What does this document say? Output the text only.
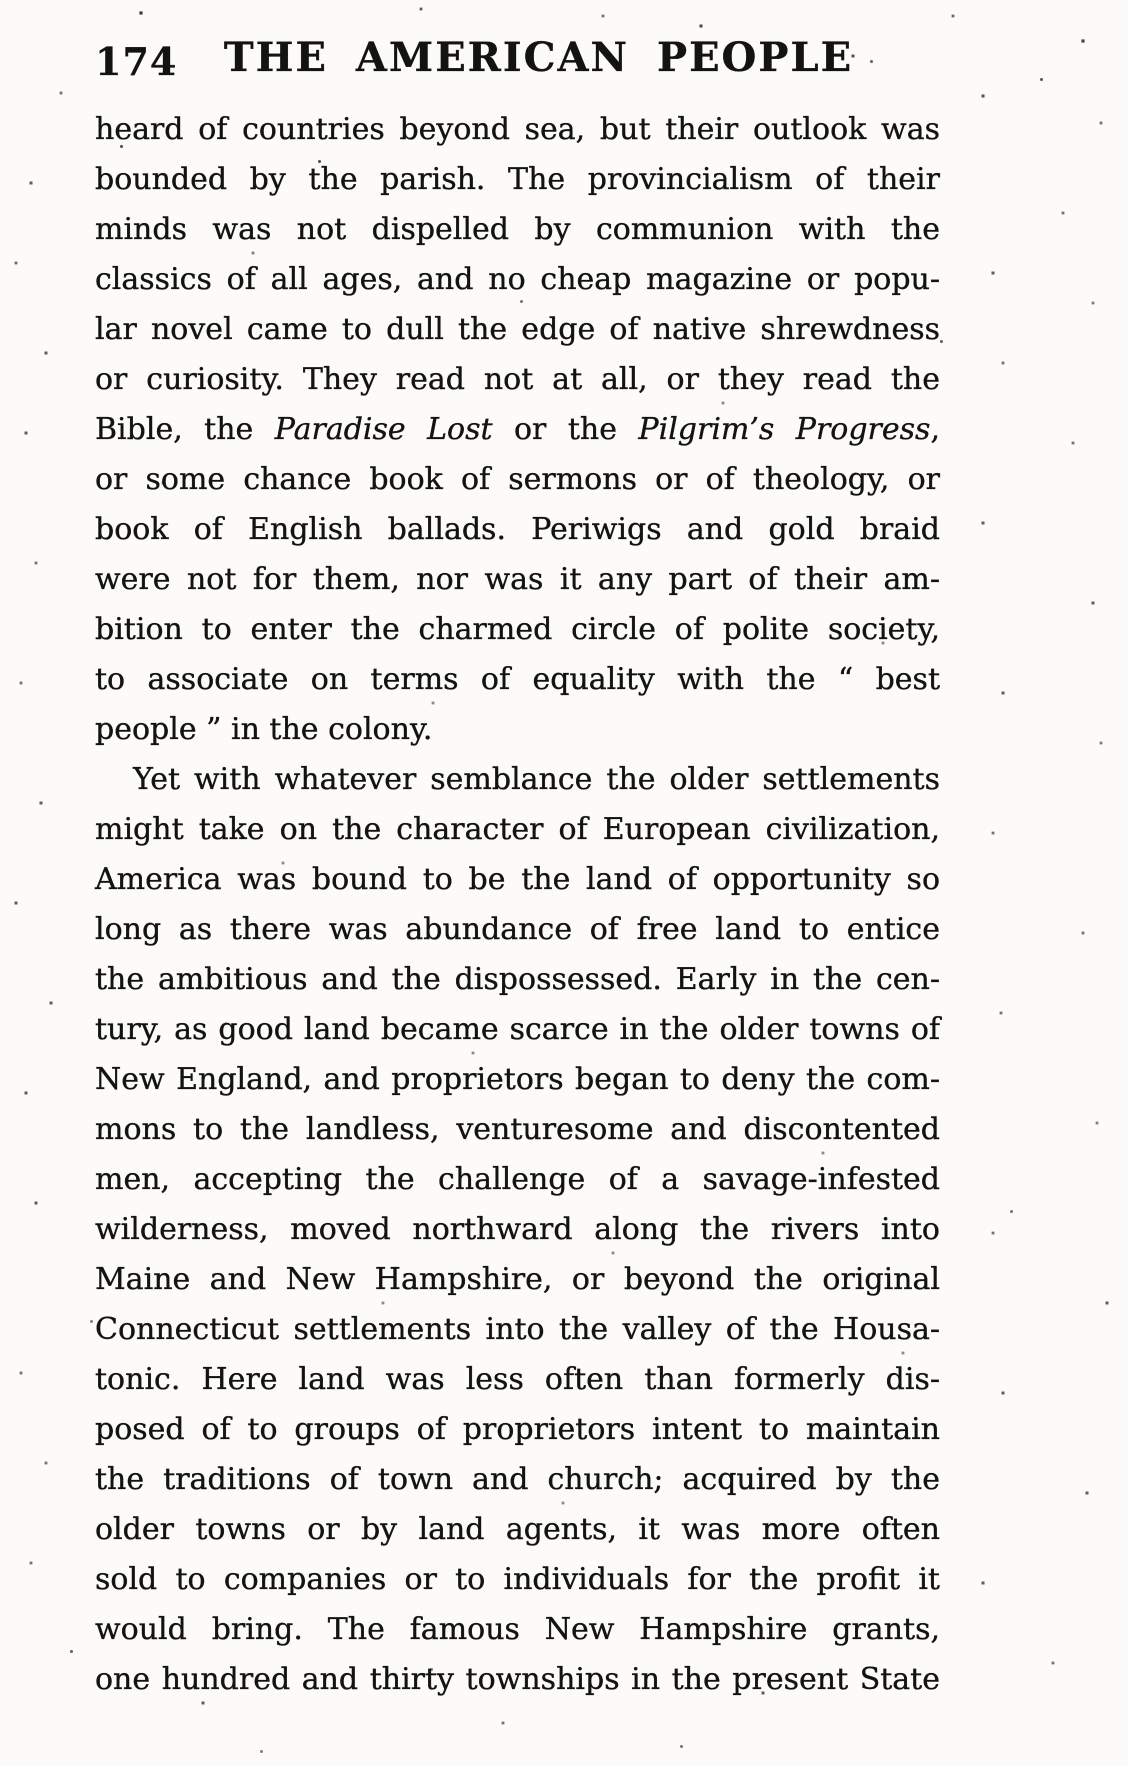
174	THE AMERICAN PEOPLE
heard of countries beyond sea, but their outlook was
bounded by the parish. The provincialism of their
minds was not dispelled by communion with the
classics of all ages, and no cheap magazine or popu-
lar novel came to dull the edge of native shrewdness
or curiosity. They read not at all, or they read the
Bible, the Paradise Lost or the Pilgrim’s Progress,
or some chance book of sermons or of theology, or
book of English ballads. Periwigs and gold braid
were not for them, nor was it any part of their am-
bition to enter the charmed circle of polite society,
to associate on terms of equality with the “ best
people ” in the colony.
Yet with whatever semblance the older settlements
might take on the character of European civilization,
America was bound to be the land of opportunity so
long as there was abundance of free land to entice
the ambitious and the dispossessed. Early in the cen-
tury, as good land became scarce in the older towns of
New England, and proprietors began to deny the com-
mons to the landless, venturesome and discontented
men, accepting the challenge of a savage-infested
wilderness, moved northward along the rivers into
Maine and New Hampshire, or beyond the original
Connecticut settlements into the valley of the Housa-
tonic. Here land was less often than formerly dis-
posed of to groups of proprietors intent to maintain
the traditions of town and church; acquired by the
older towns or by land agents, it was more often
sold to companies or to individuals for the profit it
would bring. The famous New Hampshire grants,
one hundred and thirty townships in the present State
